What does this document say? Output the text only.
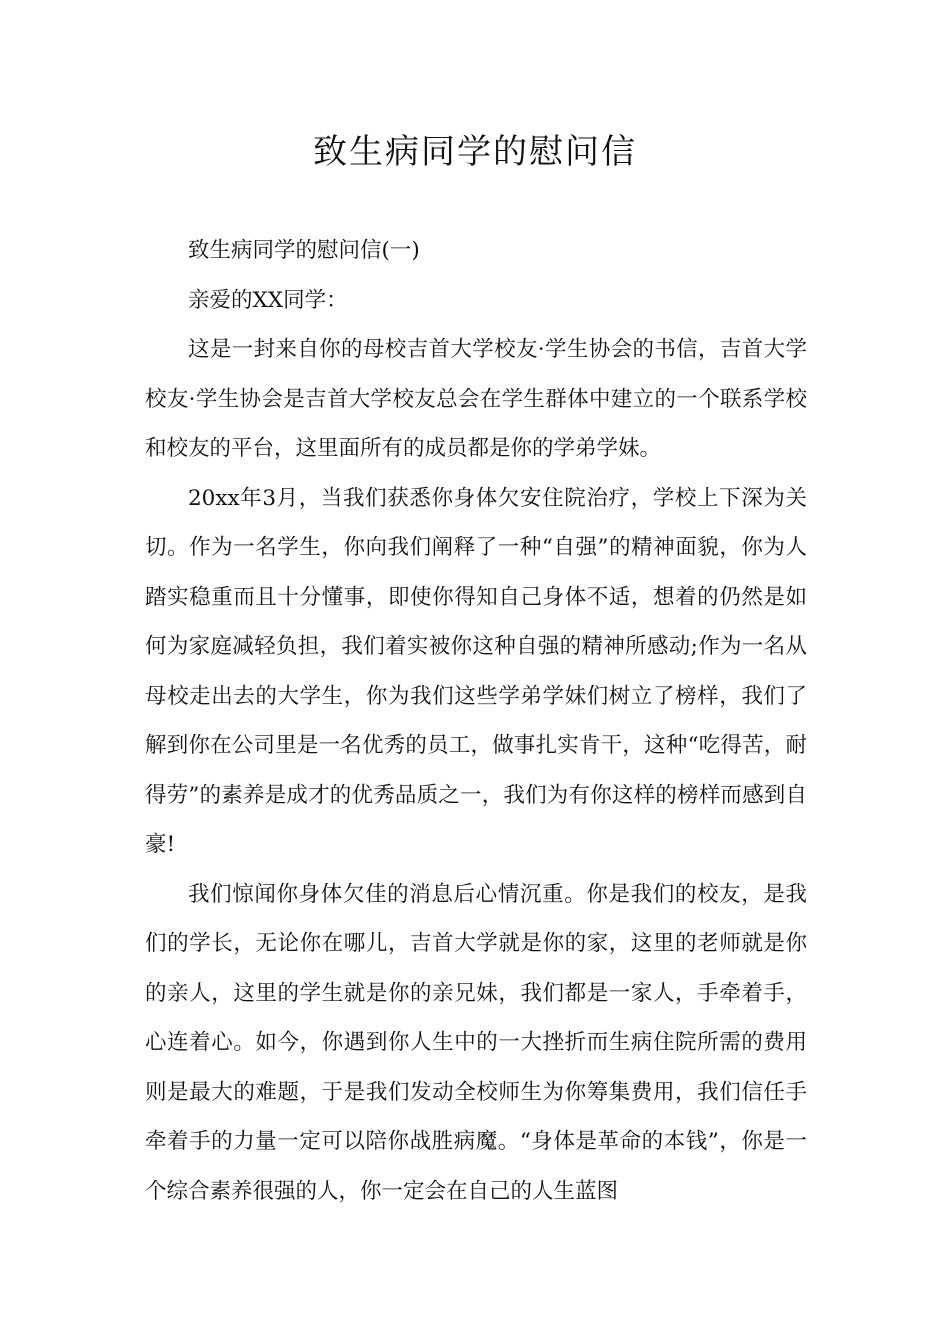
致生病同学的慰问信

致生病同学的慰问信(一)

亲爱的XX同学：

这是一封来自你的母校吉首大学校友·学生协会的书信，吉首大学校友·学生协会是吉首大学校友总会在学生群体中建立的一个联系学校和校友的平台，这里面所有的成员都是你的学弟学妹。

20xx年3月，当我们获悉你身体欠安住院治疗，学校上下深为关切。作为一名学生，你向我们阐释了一种“自强”的精神面貌，你为人踏实稳重而且十分懂事，即使你得知自己身体不适，想着的仍然是如何为家庭减轻负担，我们着实被你这种自强的精神所感动;作为一名从母校走出去的大学生，你为我们这些学弟学妹们树立了榜样，我们了解到你在公司里是一名优秀的员工，做事扎实肯干，这种“吃得苦，耐得劳”的素养是成才的优秀品质之一，我们为有你这样的榜样而感到自豪!

我们惊闻你身体欠佳的消息后心情沉重。你是我们的校友，是我们的学长，无论你在哪儿，吉首大学就是你的家，这里的老师就是你的亲人，这里的学生就是你的亲兄妹，我们都是一家人，手牵着手，心连着心。如今，你遇到你人生中的一大挫折而生病住院所需的费用则是最大的难题，于是我们发动全校师生为你筹集费用，我们信任手牵着手的力量一定可以陪你战胜病魔。“身体是革命的本钱”，你是一个综合素养很强的人，你一定会在自己的人生蓝图
